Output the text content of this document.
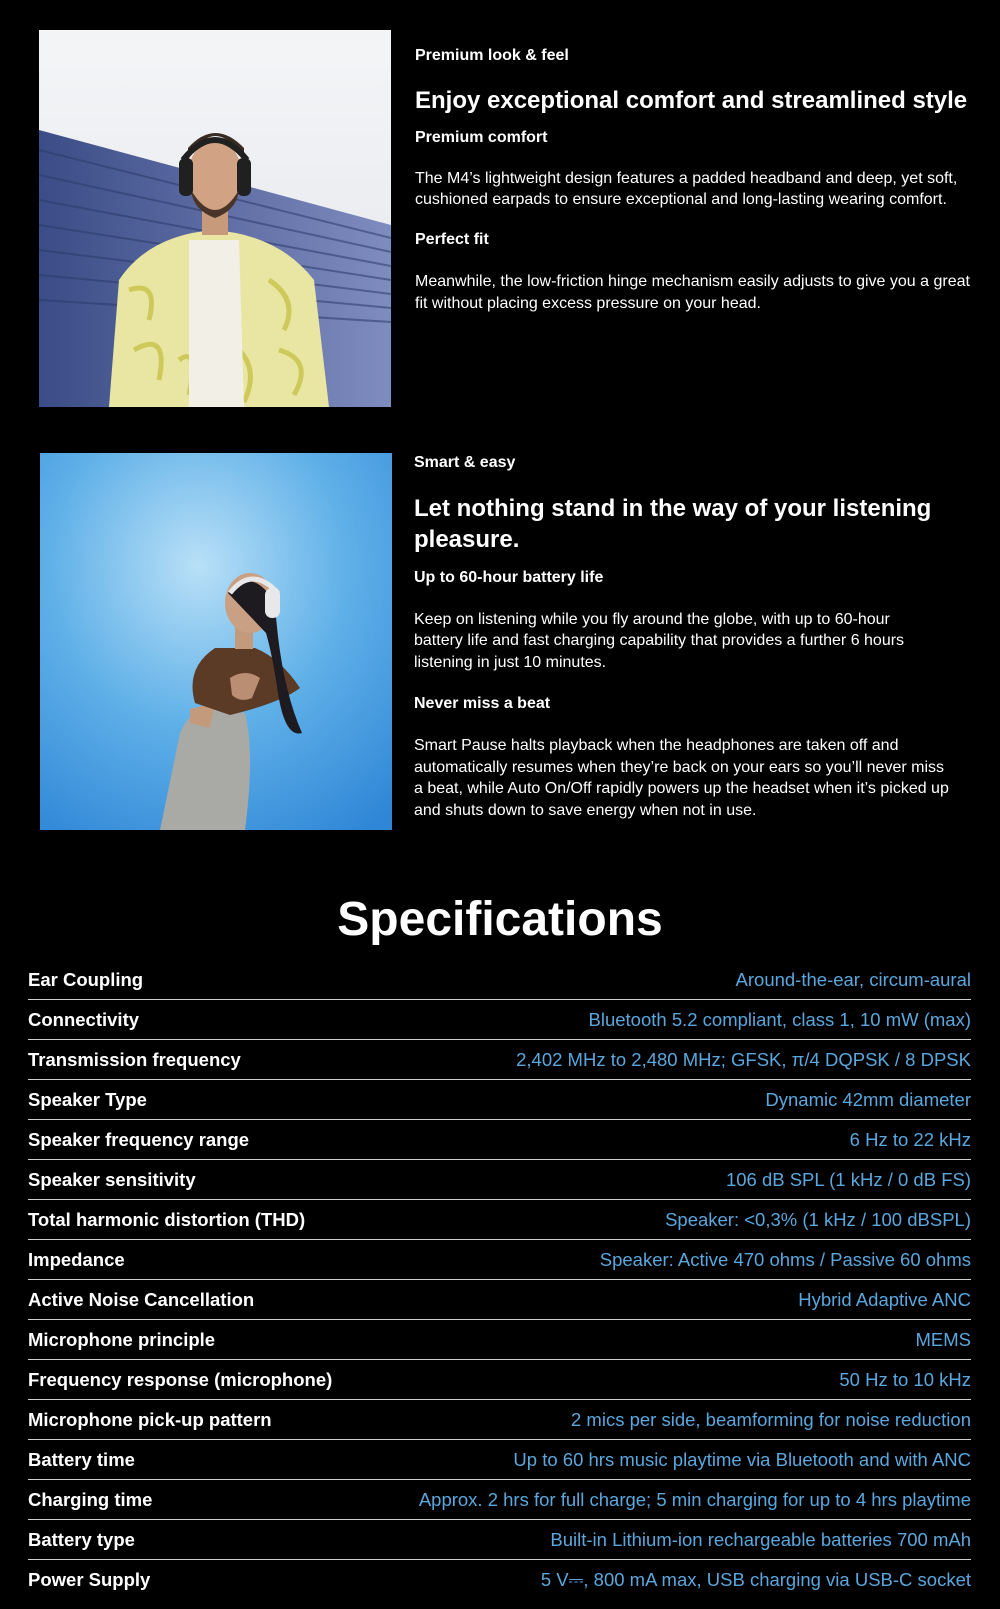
Premium look & feel

Enjoy exceptional comfort and streamlined style

Premium comfort

The M4’s lightweight design features a padded headband and deep, yet soft, cushioned earpads to ensure exceptional and long-lasting wearing comfort.

Perfect fit

Meanwhile, the low-friction hinge mechanism easily adjusts to give you a great fit without placing excess pressure on your head.

Smart & easy

Let nothing stand in the way of your listening pleasure.

Up to 60-hour battery life

Keep on listening while you fly around the globe, with up to 60-hour battery life and fast charging capability that provides a further 6 hours listening in just 10 minutes.

Never miss a beat

Smart Pause halts playback when the headphones are taken off and automatically resumes when they’re back on your ears so you’ll never miss a beat, while Auto On/Off rapidly powers up the headset when it’s picked up and shuts down to save energy when not in use.

Specifications
Ear Coupling	Around-the-ear, circum-aural
Connectivity	Bluetooth 5.2 compliant, class 1, 10 mW (max)
Transmission frequency	2,402 MHz to 2,480 MHz; GFSK, π/4 DQPSK / 8 DPSK
Speaker Type	Dynamic 42mm diameter
Speaker frequency range	6 Hz to 22 kHz
Speaker sensitivity	106 dB SPL (1 kHz / 0 dB FS)
Total harmonic distortion (THD)	Speaker: <0,3% (1 kHz / 100 dBSPL)
Impedance	Speaker: Active 470 ohms / Passive 60 ohms
Active Noise Cancellation	Hybrid Adaptive ANC
Microphone principle	MEMS
Frequency response (microphone)	50 Hz to 10 kHz
Microphone pick-up pattern	2 mics per side, beamforming for noise reduction
Battery time	Up to 60 hrs music playtime via Bluetooth and with ANC
Charging time	Approx. 2 hrs for full charge; 5 min charging for up to 4 hrs playtime
Battery type	Built-in Lithium-ion rechargeable batteries 700 mAh
Power Supply	5 V⎓, 800 mA max, USB charging via USB-C socket
